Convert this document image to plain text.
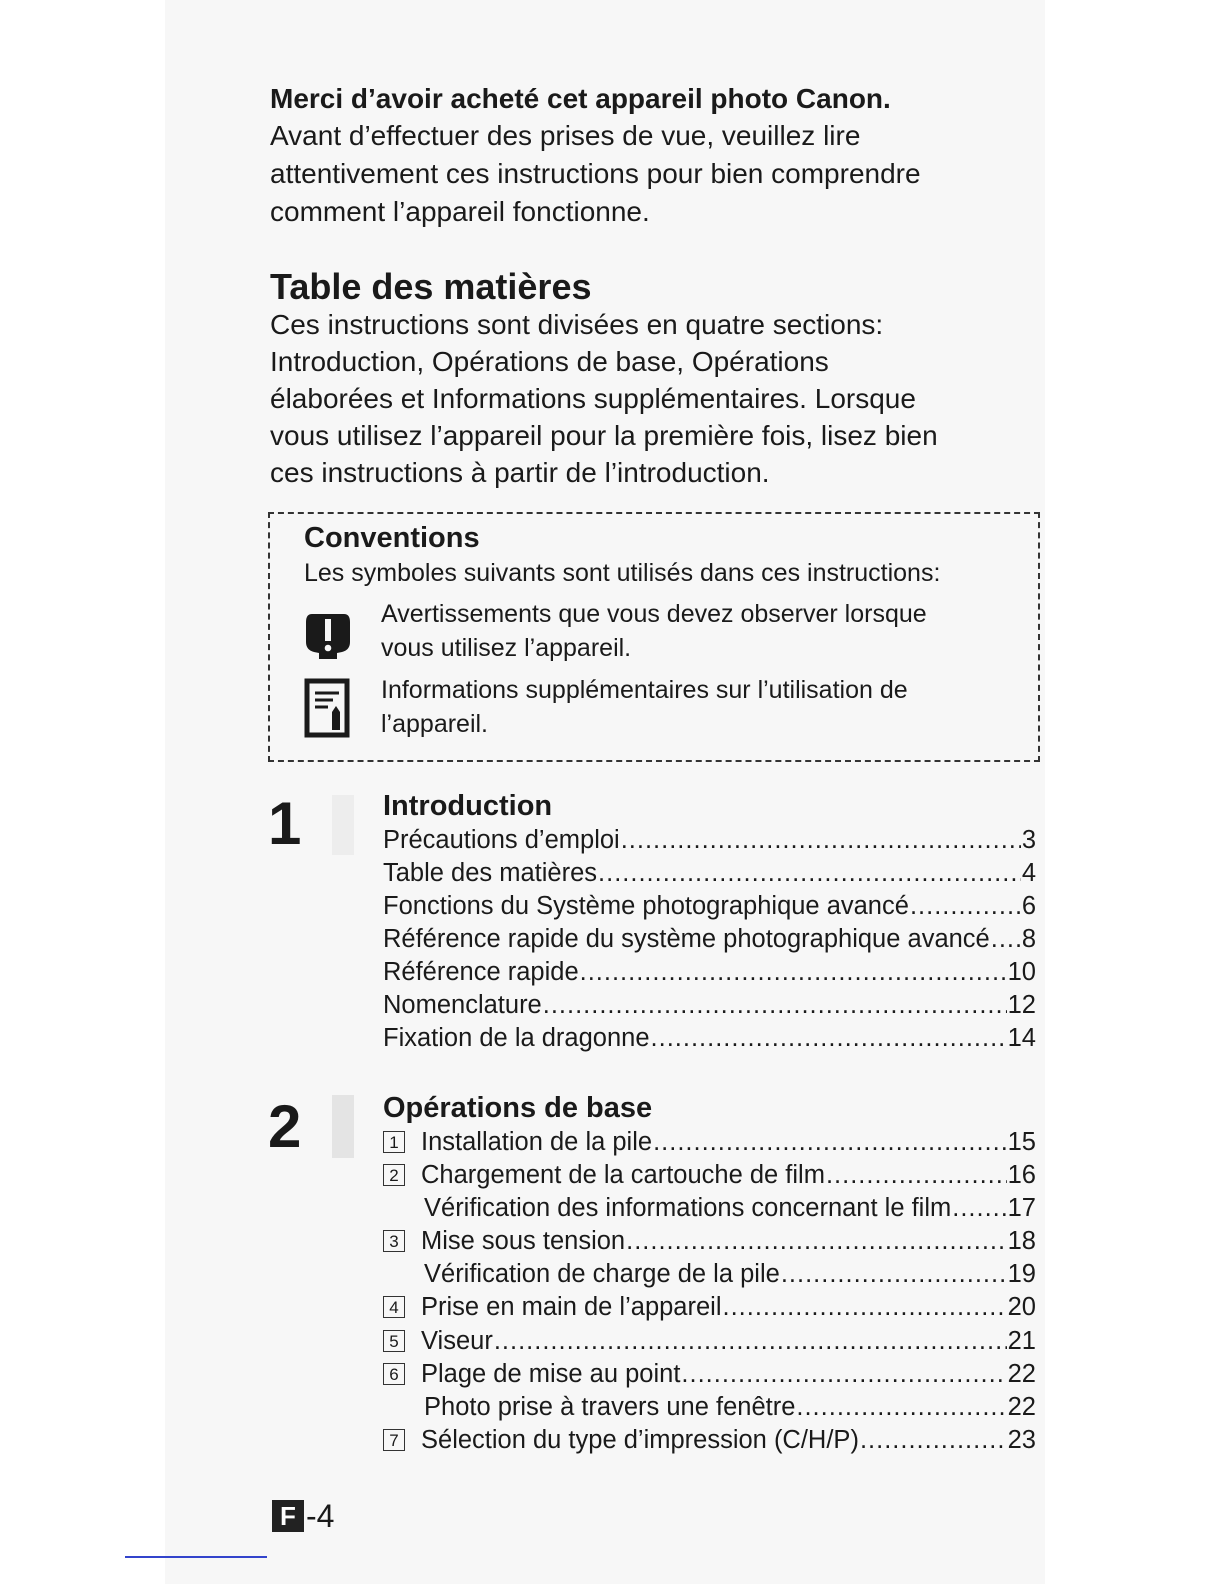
Merci d’avoir acheté cet appareil photo Canon.

Avant d’effectuer des prises de vue, veuillez lire

attentivement ces instructions pour bien comprendre

comment l’appareil fonctionne.

Table des matières
Ces instructions sont divisées en quatre sections:
Introduction, Opérations de base, Opérations
élaborées et Informations supplémentaires. Lorsque
vous utilisez l’appareil pour la première fois, lisez bien
ces instructions à partir de l’introduction.
Conventions

Les symboles suivants sont utilisés dans ces instructions:

Avertissements que vous devez observer lorsque

vous utilisez l’appareil.

Informations supplémentaires sur l’utilisation de

l’appareil.

1	Introduction
Précautions d’emploi .....	3
Table des matières .....	4
Fonctions du Système photographique avancé .....	6
Référence rapide du système photographique avancé ..... 8
Référence rapide .....	10
Nomenclature .....	12
Fixation de la dragonne .....	14
2	Opérations de base
1 Installation de la pile .....	15
2 Chargement de la cartouche de film .....	16
Vérification des informations concernant le film ..... 17
3 Mise sous tension .....	18
Vérification de charge de la pile .....	19
4 Prise en main de l’appareil .....	20
5 Viseur .....	21
6 Plage de mise au point .....	22
Photo prise à travers une fenêtre .....	22
7 Sélection du type d’impression (C/H/P) .....	23
F -4
